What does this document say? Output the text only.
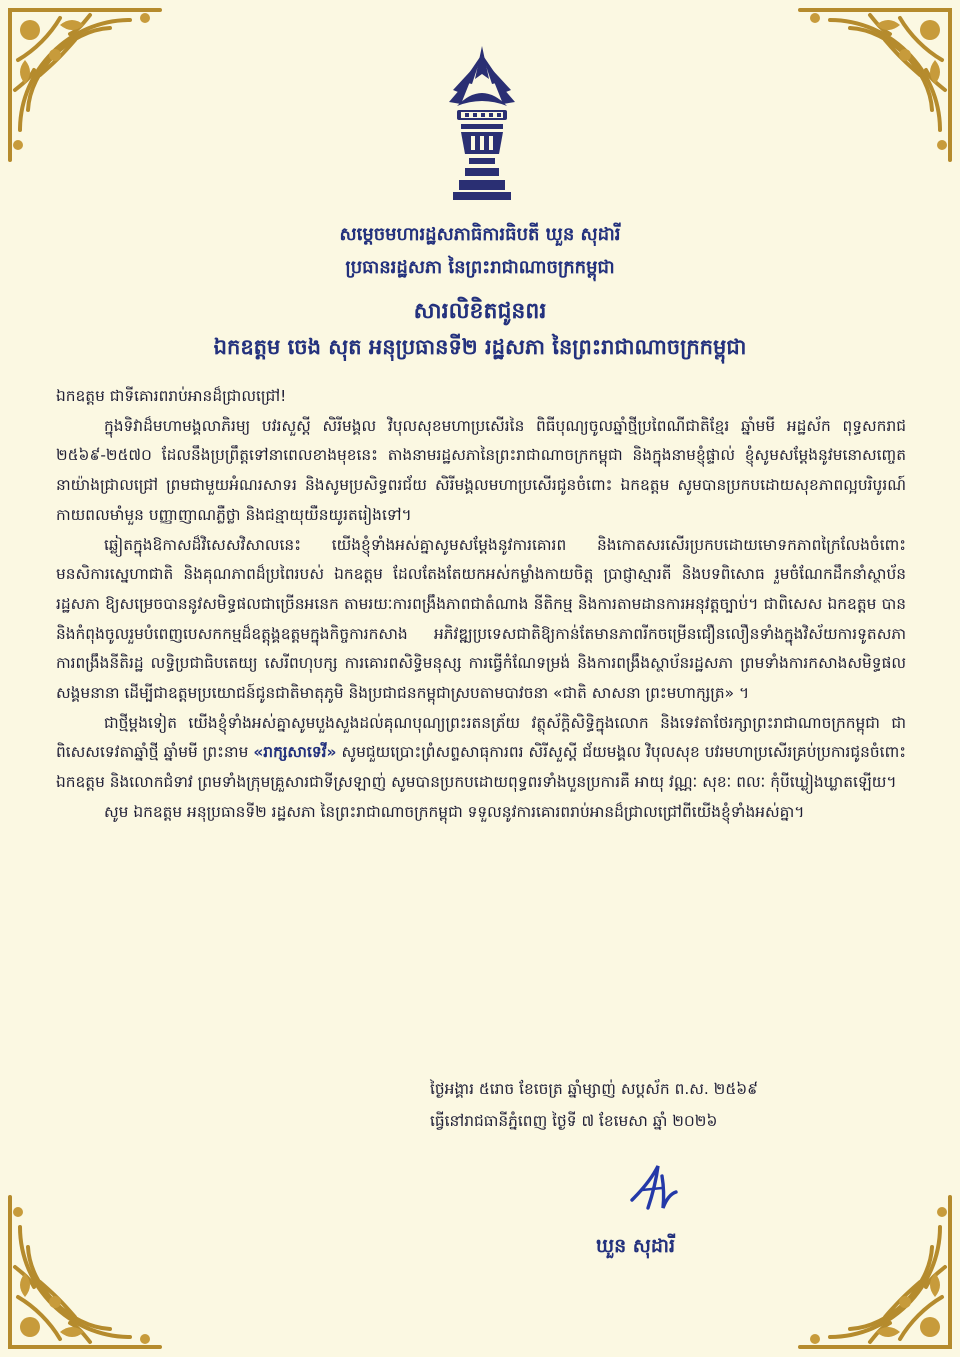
សម្តេចមហារដ្ឋសភាធិការធិបតី ឃួន សុដារី
ប្រធានរដ្ឋសភា នៃព្រះរាជាណាចក្រកម្ពុជា
សារលិខិតជូនពរ
ឯកឧត្តម ចេង សុត អនុប្រធានទី២ រដ្ឋសភា នៃព្រះរាជាណាចក្រកម្ពុជា

ឯកឧត្តម ជាទីគោរពរាប់អានដ៏ជ្រាលជ្រៅ!

ក្នុងទិវាដ៏មហាមង្គលាភិរម្យ បវរសួស្តី សិរីមង្គល វិបុលសុខមហាប្រសើរនៃ ពិធីបុណ្យចូលឆ្នាំថ្មីប្រពៃណីជាតិខ្មែរ ឆ្នាំមមី អដ្ឋស័ក ពុទ្ធសករាជ ២៥៦៩-២៥៧០ ដែលនឹងប្រព្រឹត្តទៅនាពេលខាងមុខនេះ តាងនាមរដ្ឋសភានៃព្រះរាជាណាចក្រកម្ពុជា និងក្នុងនាមខ្ញុំផ្ទាល់ ខ្ញុំសូមសម្តែងនូវមនោសញ្ចេតនាយ៉ាងជ្រាលជ្រៅ ព្រមជាមួយអំណរសាទរ និងសូមប្រសិទ្ធពរជ័យ សិរីមង្គលមហាប្រសើរជូនចំពោះ ឯកឧត្តម សូមបានប្រកបដោយសុខភាពល្អបរិបូរណ៍ កាយពលមាំមួន បញ្ញាញាណភ្លឺថ្លា និងជន្មាយុយឺនយូរតរៀងទៅ។

ឆ្លៀតក្នុងឱកាសដ៏វិសេសវិសាលនេះ យើងខ្ញុំទាំងអស់គ្នាសូមសម្តែងនូវការគោរព និងកោតសរសើរប្រកបដោយមោទកភាពក្រៃលែងចំពោះមនសិការស្នេហាជាតិ និងគុណភាពដ៏ប្រពៃរបស់ ឯកឧត្តម ដែលតែងតែយកអស់កម្លាំងកាយចិត្ត ប្រាជ្ញាស្មារតី និងបទពិសោធ រួមចំណែកដឹកនាំស្ថាប័នរដ្ឋសភា ឱ្យសម្រេចបាននូវសមិទ្ធផលជាច្រើនអនេក តាមរយៈការពង្រឹងភាពជាតំណាង នីតិកម្ម និងការតាមដានការអនុវត្តច្បាប់។ ជាពិសេស ឯកឧត្តម បាននិងកំពុងចូលរួមបំពេញបេសកកម្មដ៏ឧត្តុង្គឧត្តមក្នុងកិច្ចការកសាង អភិវឌ្ឍប្រទេសជាតិឱ្យកាន់តែមានភាពរីកចម្រើនជឿនលឿនទាំងក្នុងវិស័យការទូតសភា ការពង្រឹងនីតិរដ្ឋ លទ្ធិប្រជាធិបតេយ្យ សេរីពហុបក្ស ការគោរពសិទ្ធិមនុស្ស ការធ្វើកំណែទម្រង់ និងការពង្រឹងស្ថាប័នរដ្ឋសភា ព្រមទាំងការកសាងសមិទ្ធផលសង្គមនានា ដើម្បីជាឧត្តមប្រយោជន៍ជូនជាតិមាតុភូមិ និងប្រជាជនកម្ពុជាស្របតាមបាវចនា «ជាតិ សាសនា ព្រះមហាក្សត្រ» ។

ជាថ្មីម្តងទៀត យើងខ្ញុំទាំងអស់គ្នាសូមបួងសួងដល់គុណបុណ្យព្រះរតនត្រ័យ វត្ថុស័ក្តិសិទ្ធិក្នុងលោក និងទេវតាថែរក្សាព្រះរាជាណាចក្រកម្ពុជា ជាពិសេសទេវតាឆ្នាំថ្មី ឆ្នាំមមី ព្រះនាម «រាក្សសាទេវី» សូមជួយប្រោះព្រំសព្ទសាធុការពរ សិរីសួស្តី ជ័យមង្គល វិបុលសុខ បវរមហាប្រសើរគ្រប់ប្រការជូនចំពោះ ឯកឧត្តម និងលោកជំទាវ ព្រមទាំងក្រុមគ្រួសារជាទីស្រឡាញ់ សូមបានប្រកបដោយពុទ្ធពរទាំងបួនប្រការគឺ អាយុ វណ្ណៈ សុខៈ ពលៈ កុំបីឃ្លៀងឃ្លាតឡើយ។

សូម ឯកឧត្តម អនុប្រធានទី២ រដ្ឋសភា នៃព្រះរាជាណាចក្រកម្ពុជា ទទួលនូវការគោរពរាប់អានដ៏ជ្រាលជ្រៅពីយើងខ្ញុំទាំងអស់គ្នា។

ថ្ងៃអង្គារ ៥រោច ខែចេត្រ ឆ្នាំម្សាញ់ សប្តស័ក ព.ស. ២៥៦៩
ធ្វើនៅរាជធានីភ្នំពេញ ថ្ងៃទី ៧ ខែមេសា ឆ្នាំ ២០២៦
ឃួន សុដារី
